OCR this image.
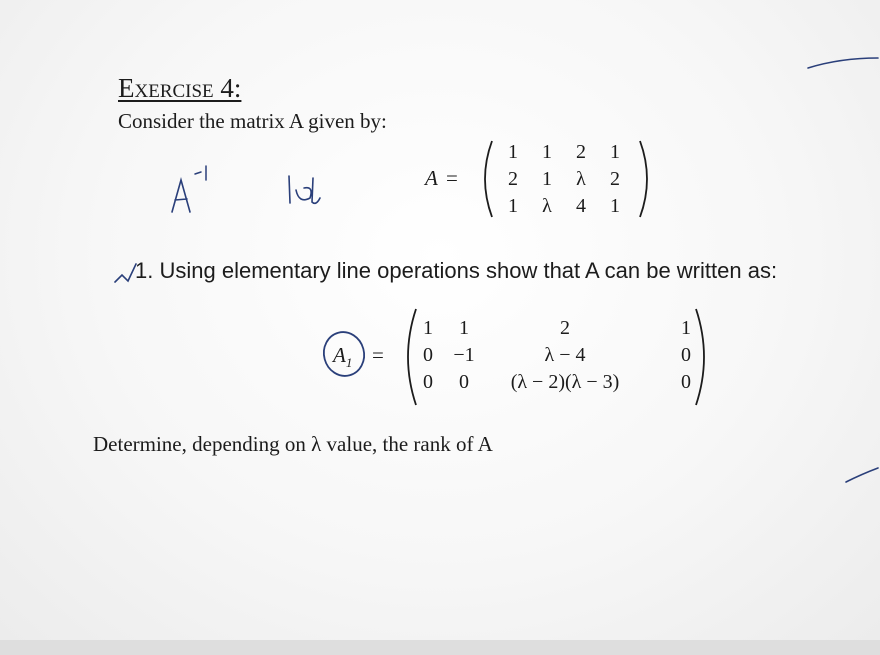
Exercise 4:
Consider the matrix A given by:
A =
1	1	2	1
2	1	λ	2
1	λ	4	1
1. Using elementary line operations show that A can be written as:
$A_1$ =
1	1	2	1
0	−1	λ − 4	0
0	0	(λ − 2)(λ − 3)	0
Determine, depending on λ value, the rank of A
